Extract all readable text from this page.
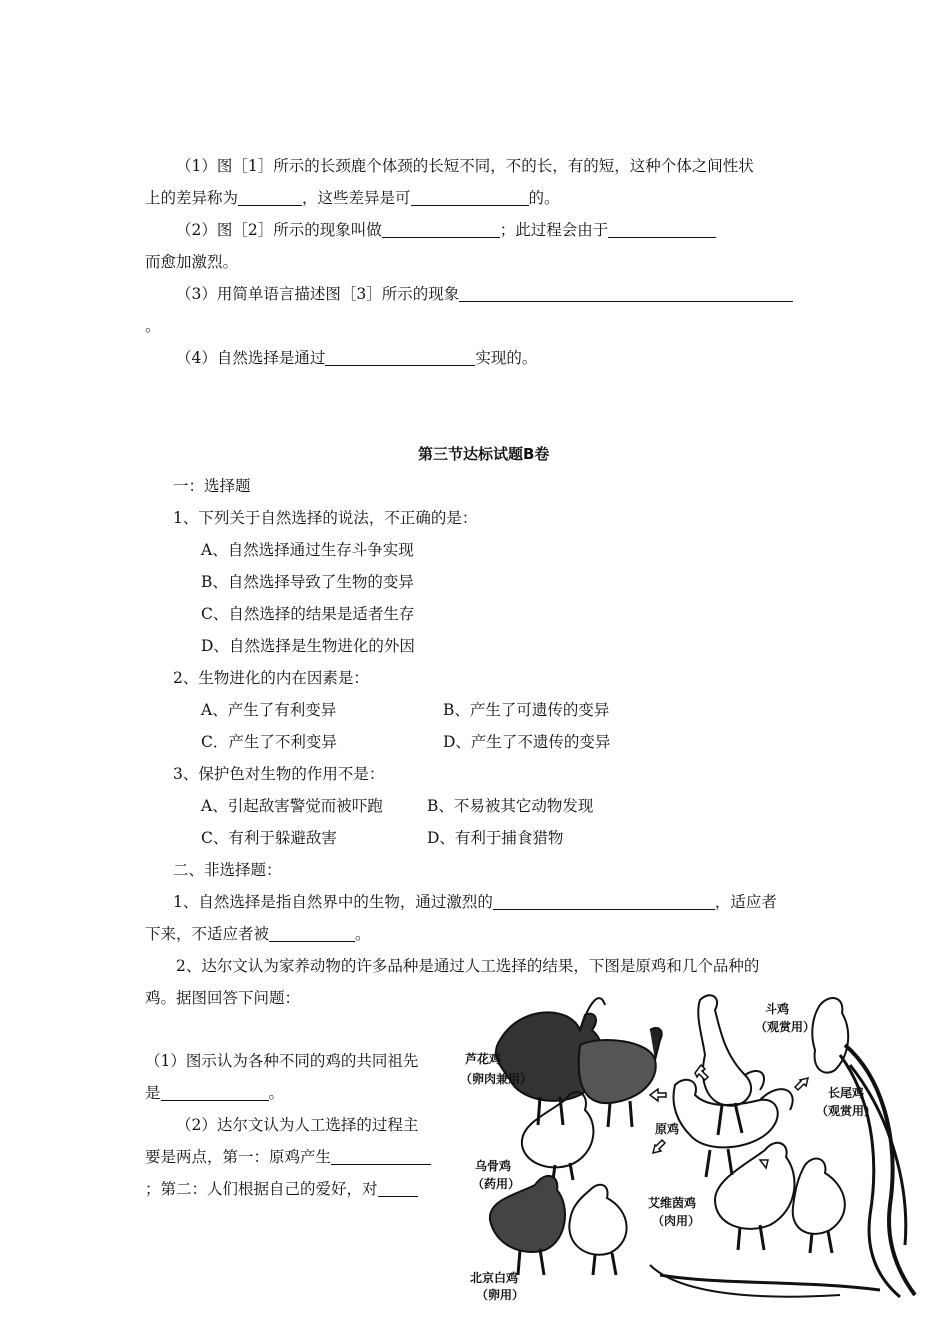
（1）图［1］所示的长颈鹿个体颈的长短不同，不的长，有的短，这种个体之间性状
上的差异称为	，这些差异是可	的。
（2）图［2］所示的现象叫做	；此过程会由于
而愈加激烈。
（3）用简单语言描述图［3］所示的现象
。
（4）自然选择是通过	实现的。
第三节达标试题B卷
一：选择题
1、下列关于自然选择的说法，不正确的是：
A、自然选择通过生存斗争实现
B、自然选择导致了生物的变异
C、自然选择的结果是适者生存
D、自然选择是生物进化的外因
2、生物进化的内在因素是：
A、产生了有利变异	B、产生了可遗传的变异
C．产生了不利变异	D、产生了不遗传的变异
3、保护色对生物的作用不是：
A、引起敌害警觉而被吓跑	B、不易被其它动物发现
C、有利于躲避敌害	D、有利于捕食猎物
二、非选择题：
1、自然选择是指自然界中的生物，通过激烈的	，适应者
下来，不适应者被	。
2、达尔文认为家养动物的许多品种是通过人工选择的结果，下图是原鸡和几个品种的
鸡。据图回答下问题：
（1）图示认为各种不同的鸡的共同祖先
是	。
（2）达尔文认为人工选择的过程主
要是两点，第一：原鸡产生
；第二：人们根据自己的爱好，对
芦花鸡
（卵肉兼用）
斗鸡
（观赏用）
长尾鸡
（观赏用）
原鸡
乌骨鸡
（药用）
艾维茵鸡
（肉用）
北京白鸡
（卵用）
